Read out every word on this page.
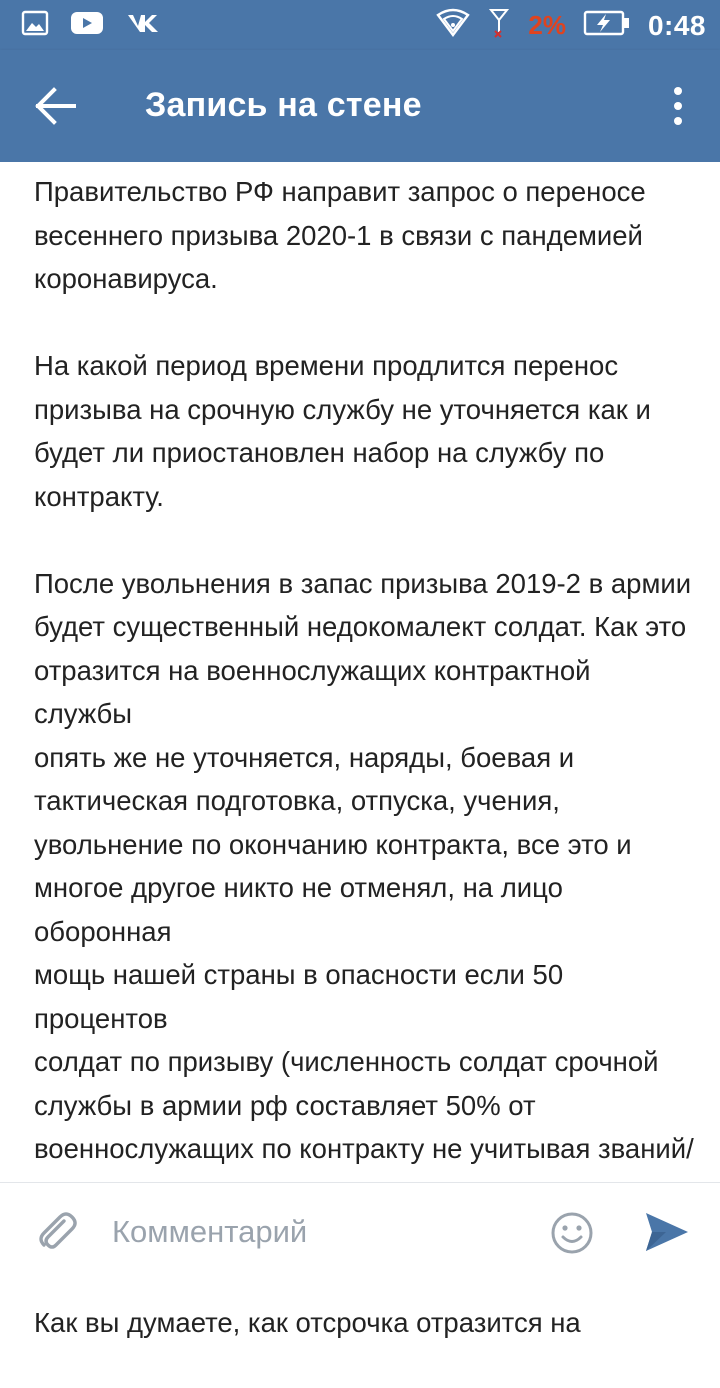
2%	0:48
Запись на стене

Правительство РФ направит запрос о переносе
весеннего призыва 2020-1 в связи с пандемией
коронавируса.

На какой период времени продлится перенос
призыва на срочную службу не уточняется как и
будет ли приостановлен набор на службу по
контракту.

После увольнения в запас призыва 2019-2 в армии
будет существенный недокомалект солдат. Как это
отразится на военнослужащих контрактной службы
опять же не уточняется, наряды, боевая и
тактическая подготовка, отпуска, учения,
увольнение по окончанию контракта, все это и
многое другое никто не отменял, на лицо оборонная
мощь нашей страны в опасности если 50 процентов
солдат по призыву (численность солдат срочной
службы в армии рф составляет 50% от
военнослужащих по контракту не учитывая званий/

Как вы думаете, как отсрочка отразится на

Комментарий
